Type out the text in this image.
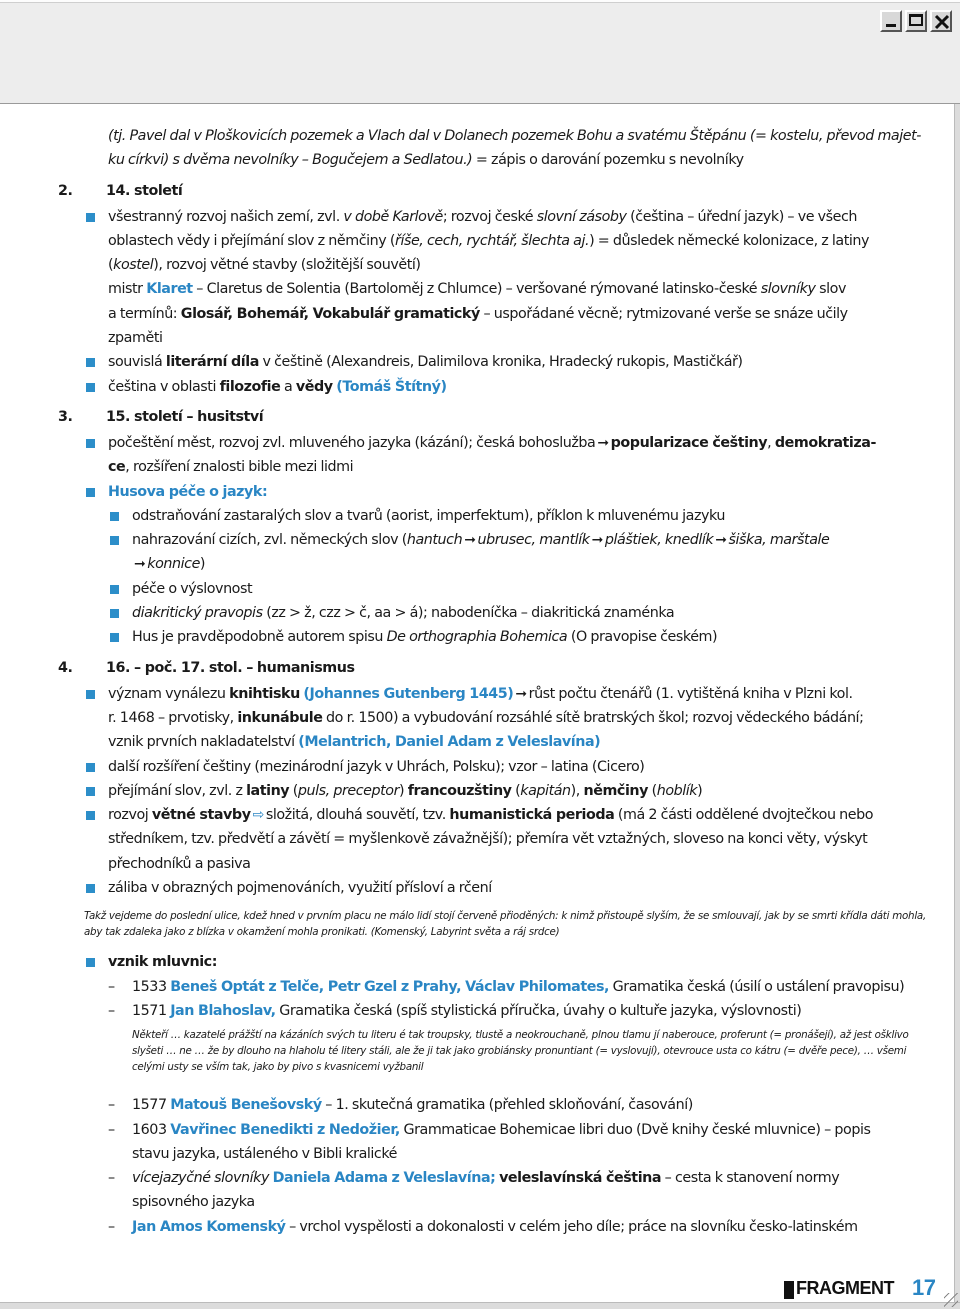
(tj. Pavel dal v Ploškovicích pozemek a Vlach dal v Dolanech pozemek Bohu a svatému Štěpánu (= kostelu, převod majet-
ku církvi) s dvěma nevolníky – Bogučejem a Sedlatou.) = zápis o darování pozemku s nevolníky
2. 14. století
všestranný rozvoj našich zemí, zvl. v době Karlově; rozvoj české slovní zásoby (čeština – úřední jazyk) – ve všech
oblastech vědy i přejímání slov z němčiny (říše, cech, rychtář, šlechta aj.) = důsledek německé kolonizace, z latiny
(kostel), rozvoj větné stavby (složitější souvětí)
mistr Klaret – Claretus de Solentia (Bartoloměj z Chlumce) – veršované rýmované latinsko-české slovníky slov
a termínů: Glosář, Bohemář, Vokabulář gramatický – uspořádané věcně; rytmizované verše se snáze učily
zpaměti
souvislá literární díla v češtině (Alexandreis, Dalimilova kronika, Hradecký rukopis, Mastičkář)
čeština v oblasti filozofie a vědy (Tomáš Štítný)
3. 15. století – husitství
počeštění měst, rozvoj zvl. mluveného jazyka (kázání); česká bohoslužba ➞ popularizace češtiny, demokratiza-
ce, rozšíření znalosti bible mezi lidmi
Husova péče o jazyk:
odstraňování zastaralých slov a tvarů (aorist, imperfektum), příklon k mluvenému jazyku
nahrazování cizích, zvl. německých slov (hantuch ➞ ubrusec, mantlík ➞ pláštiek, knedlík ➞ šiška, marštale
➞ konnice)
péče o výslovnost
diakritický pravopis (zz > ž, czz > č, aa > á); nabodeníčka – diakritická znaménka
Hus je pravděpodobně autorem spisu De orthographia Bohemica (O pravopise českém)
4. 16. – poč. 17. stol. – humanismus
význam vynálezu knihtisku (Johannes Gutenberg 1445) ➞ růst počtu čtenářů (1. vytištěná kniha v Plzni kol.
r. 1468 – prvotisky, inkunábule do r. 1500) a vybudování rozsáhlé sítě bratrských škol; rozvoj vědeckého bádání;
vznik prvních nakladatelství (Melantrich, Daniel Adam z Veleslavína)
další rozšíření češtiny (mezinárodní jazyk v Uhrách, Polsku); vzor – latina (Cicero)
přejímání slov, zvl. z latiny (puls, preceptor) francouzštiny (kapitán), němčiny (hoblík)
rozvoj větné stavby ⇨ složitá, dlouhá souvětí, tzv. humanistická perioda (má 2 části oddělené dvojtečkou nebo
středníkem, tzv. předvětí a závětí = myšlenkově závažnější); přemíra vět vztažných, sloveso na konci věty, výskyt
přechodníků a pasiva
záliba v obrazných pojmenováních, využití přísloví a rčení
Takž vejdeme do poslední ulice, kdež hned v prvním placu ne málo lidí stojí červeně přioděných: k nimž přistoupě slyším, že se smlouvají, jak by se smrti křídla dáti mohla, aby tak zdaleka jako z blízka v okamžení mohla pronikati. (Komenský, Labyrint světa a ráj srdce)
vznik mluvnic:
– 1533 Beneš Optát z Telče, Petr Gzel z Prahy, Václav Philomates, Gramatika česká (úsilí o ustálení pravopisu)
– 1571 Jan Blahoslav, Gramatika česká (spíš stylistická příručka, úvahy o kultuře jazyka, výslovnosti)
Někteří … kazatelé prážští na kázáních svých tu literu é tak troupsky, tlustě a neokrouchaně, plnou tlamu jí naberouce, proferunt (= pronášejí), až jest ošklivo slyšeti … ne … že by dlouho na hlaholu té litery stáli, ale že ji tak jako grobiánsky pronuntiant (= vyslovují), otevroucе usta co kátru (= dvěře pece), … všemi celými usty se vším tak, jako by pivo s kvasnicemi vyžbanil
– 1577 Matouš Benešovský – 1. skutečná gramatika (přehled skloňování, časování)
– 1603 Vavřinec Benedikti z Nedožier, Grammaticae Bohemicae libri duo (Dvě knihy české mluvnice) – popis
stavu jazyka, ustáleného v Bibli kralické
– vícejazyčné slovníky Daniela Adama z Veleslavína; veleslavínská čeština – cesta k stanovení normy
spisovného jazyka
– Jan Amos Komenský – vrchol vyspělosti a dokonalosti v celém jeho díle; práce na slovníku česko-latinském
FRAGMENT 17
